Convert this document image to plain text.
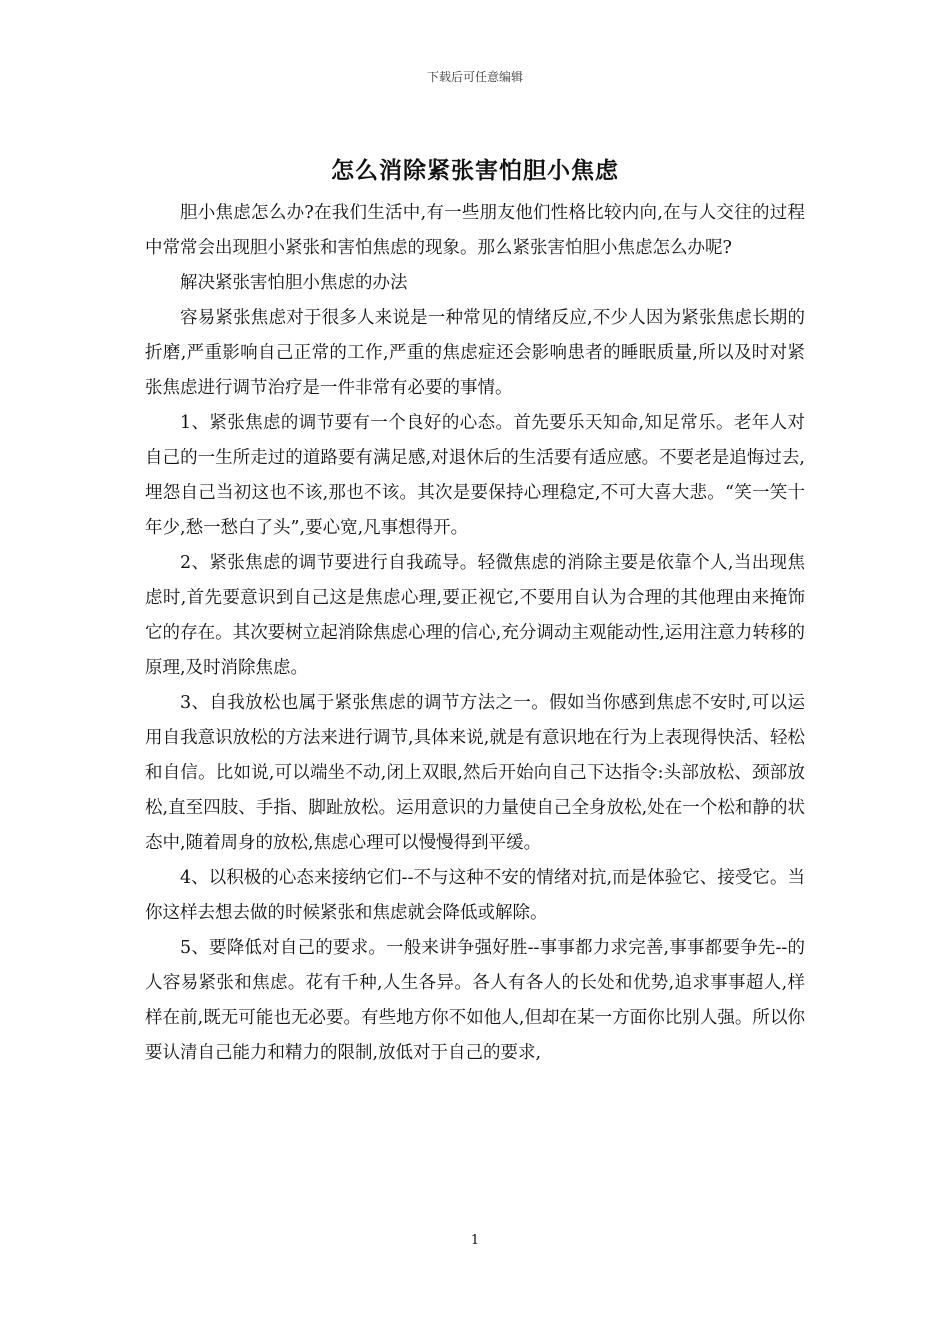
下载后可任意编辑
怎么消除紧张害怕胆小焦虑

胆小焦虑怎么办?在我们生活中,有一些朋友他们性格比较内向,在与人交往的过程中常常会出现胆小紧张和害怕焦虑的现象。那么紧张害怕胆小焦虑怎么办呢?

解决紧张害怕胆小焦虑的办法

容易紧张焦虑对于很多人来说是一种常见的情绪反应,不少人因为紧张焦虑长期的折磨,严重影响自己正常的工作,严重的焦虑症还会影响患者的睡眠质量,所以及时对紧张焦虑进行调节治疗是一件非常有必要的事情。

1、紧张焦虑的调节要有一个良好的心态。首先要乐天知命,知足常乐。老年人对自己的一生所走过的道路要有满足感,对退休后的生活要有适应感。不要老是追悔过去,埋怨自己当初这也不该,那也不该。其次是要保持心理稳定,不可大喜大悲。“笑一笑十年少,愁一愁白了头”,要心宽,凡事想得开。

2、紧张焦虑的调节要进行自我疏导。轻微焦虑的消除主要是依靠个人,当出现焦虑时,首先要意识到自己这是焦虑心理,要正视它,不要用自认为合理的其他理由来掩饰它的存在。其次要树立起消除焦虑心理的信心,充分调动主观能动性,运用注意力转移的原理,及时消除焦虑。

3、自我放松也属于紧张焦虑的调节方法之一。假如当你感到焦虑不安时,可以运用自我意识放松的方法来进行调节,具体来说,就是有意识地在行为上表现得快活、轻松和自信。比如说,可以端坐不动,闭上双眼,然后开始向自己下达指令:头部放松、颈部放松,直至四肢、手指、脚趾放松。运用意识的力量使自己全身放松,处在一个松和静的状态中,随着周身的放松,焦虑心理可以慢慢得到平缓。

4、以积极的心态来接纳它们--不与这种不安的情绪对抗,而是体验它、接受它。当你这样去想去做的时候紧张和焦虑就会降低或解除。

5、要降低对自己的要求。一般来讲争强好胜--事事都力求完善,事事都要争先--的人容易紧张和焦虑。花有千种,人生各异。各人有各人的长处和优势,追求事事超人,样样在前,既无可能也无必要。有些地方你不如他人,但却在某一方面你比别人强。所以你要认清自己能力和精力的限制,放低对于自己的要求,

1
